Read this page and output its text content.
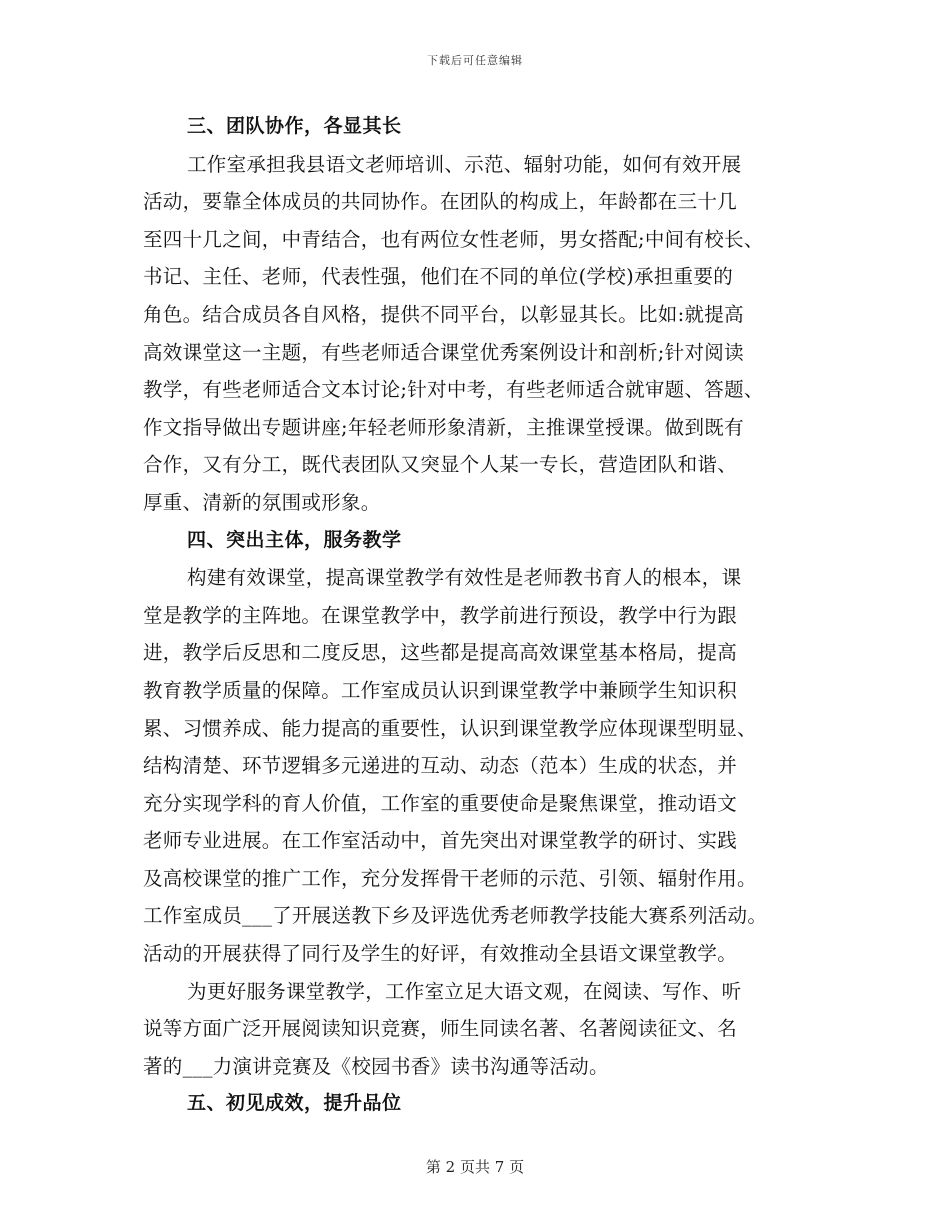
下载后可任意编辑
三、团队协作，各显其长
工作室承担我县语文老师培训、示范、辐射功能，如何有效开展
活动，要靠全体成员的共同协作。在团队的构成上，年龄都在三十几
至四十几之间，中青结合，也有两位女性老师，男女搭配;中间有校长、
书记、主任、老师，代表性强，他们在不同的单位(学校)承担重要的
角色。结合成员各自风格，提供不同平台，以彰显其长。比如:就提高
高效课堂这一主题，有些老师适合课堂优秀案例设计和剖析;针对阅读
教学，有些老师适合文本讨论;针对中考，有些老师适合就审题、答题、
作文指导做出专题讲座;年轻老师形象清新，主推课堂授课。做到既有
合作，又有分工，既代表团队又突显个人某一专长，营造团队和谐、
厚重、清新的氛围或形象。
四、突出主体，服务教学
构建有效课堂，提高课堂教学有效性是老师教书育人的根本，课
堂是教学的主阵地。在课堂教学中，教学前进行预设，教学中行为跟
进，教学后反思和二度反思，这些都是提高高效课堂基本格局，提高
教育教学质量的保障。工作室成员认识到课堂教学中兼顾学生知识积
累、习惯养成、能力提高的重要性，认识到课堂教学应体现课型明显、
结构清楚、环节逻辑多元递进的互动、动态（范本）生成的状态，并
充分实现学科的育人价值，工作室的重要使命是聚焦课堂，推动语文
老师专业进展。在工作室活动中，首先突出对课堂教学的研讨、实践
及高校课堂的推广工作，充分发挥骨干老师的示范、引领、辐射作用。
工作室成员___了开展送教下乡及评选优秀老师教学技能大赛系列活动。
活动的开展获得了同行及学生的好评，有效推动全县语文课堂教学。
为更好服务课堂教学，工作室立足大语文观，在阅读、写作、听
说等方面广泛开展阅读知识竞赛，师生同读名著、名著阅读征文、名
著的___力演讲竞赛及《校园书香》读书沟通等活动。
五、初见成效，提升品位
第 2 页共 7 页
